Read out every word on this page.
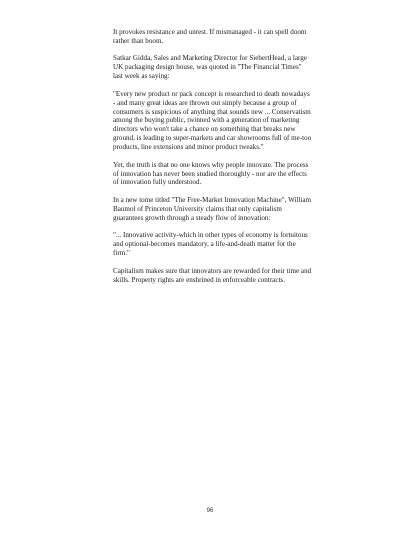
It provokes resistance and unrest. If mismanaged - it can spell doom rather than boom.

Satkar Gidda, Sales and Marketing Director for SiebertHead, a large UK packaging design house, was quoted in "The Financial Times" last week as saying:

"Every new product or pack concept is researched to death nowadays - and many great ideas are thrown out simply because a group of consumers is suspicious of anything that sounds new ... Conservatism among the buying public, twinned with a generation of marketing directors who won't take a chance on something that breaks new ground, is leading to super-markets and car showrooms full of me-too products, line extensions and minor product tweaks."

Yet, the truth is that no one knows why people innovate. The process of innovation has never been studied thoroughly - nor are the effects of innovation fully understood.

In a new tome titled "The Free-Market Innovation Machine", William Baumol of Princeton University claims that only capitalism guarantees growth through a steady flow of innovation:

"... Innovative activity-which in other types of economy is fortuitous and optional-becomes mandatory, a life-and-death matter for the firm."

Capitalism makes sure that innovators are rewarded for their time and skills. Property rights are enshrined in enforceable contracts.

96
